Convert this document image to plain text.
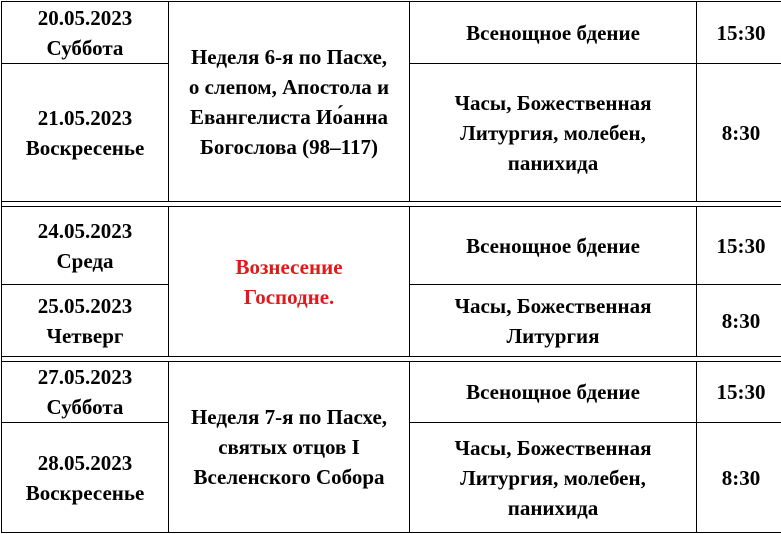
20.05.2023
Суббота	Неделя 6-я по Пасхе,
о слепом, Апостола и
Евангелиста Ио́анна
Богослова (98–117)	Всенощное бдение	15:30

21.05.2023
Воскресенье		Часы, Божественная
Литургия, молебен,
панихида	8:30

24.05.2023
Среда	Вознесение
Господне.	Всенощное бдение	15:30

25.05.2023
Четверг		Часы, Божественная
Литургия	8:30

27.05.2023
Суббота	Неделя 7-я по Пасхе,
святых отцов I
Вселенского Собора	Всенощное бдение	15:30

28.05.2023
Воскресенье		Часы, Божественная
Литургия, молебен,
панихида	8:30
